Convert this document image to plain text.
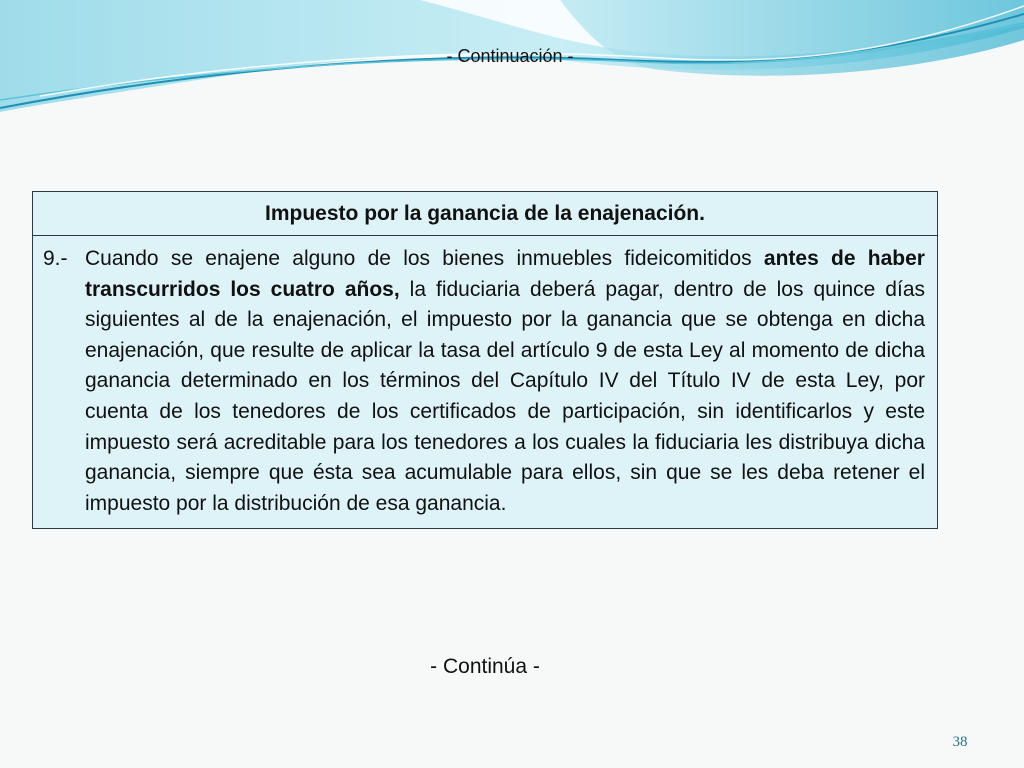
- Continuación -
Impuesto por la ganancia de la enajenación.
9.- Cuando se enajene alguno de los bienes inmuebles fideicomitidos antes de haber transcurridos los cuatro años, la fiduciaria deberá pagar, dentro de los quince días siguientes al de la enajenación, el impuesto por la ganancia que se obtenga en dicha enajenación, que resulte de aplicar la tasa del artículo 9 de esta Ley al momento de dicha ganancia determinado en los términos del Capítulo IV del Título IV de esta Ley, por cuenta de los tenedores de los certificados de participación, sin identificarlos y este impuesto será acreditable para los tenedores a los cuales la fiduciaria les distribuya dicha ganancia, siempre que ésta sea acumulable para ellos, sin que se les deba retener el impuesto por la distribución de esa ganancia.
- Continúa -
38
